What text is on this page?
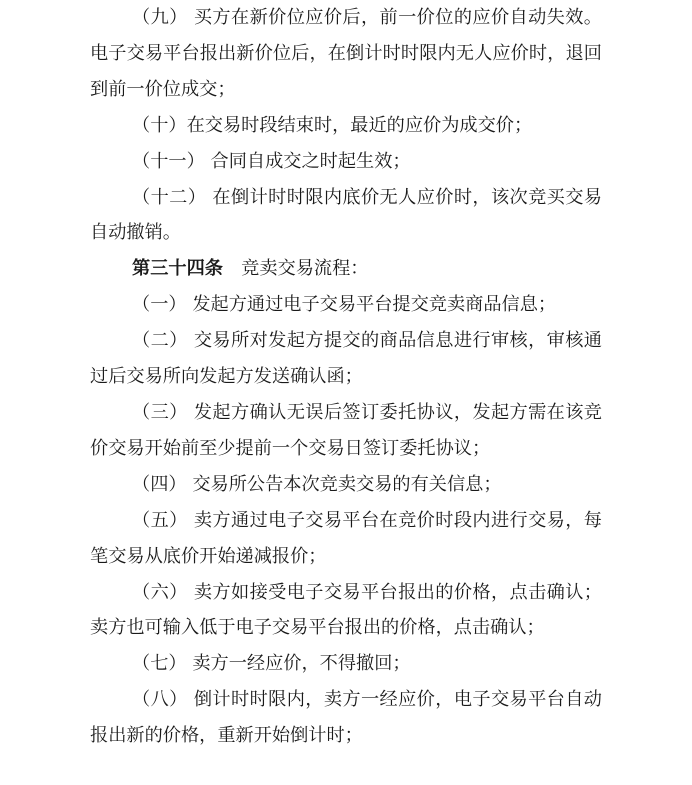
（九） 买方在新价位应价后，前一价位的应价自动失效。电子交易平台报出新价位后，在倒计时时限内无人应价时，退回到前一价位成交；

（十）在交易时段结束时，最近的应价为成交价；

（十一） 合同自成交之时起生效；

（十二） 在倒计时时限内底价无人应价时，该次竞买交易自动撤销。

第三十四条　竞卖交易流程：

（一） 发起方通过电子交易平台提交竞卖商品信息；

（二） 交易所对发起方提交的商品信息进行审核，审核通过后交易所向发起方发送确认函；

（三） 发起方确认无误后签订委托协议，发起方需在该竞价交易开始前至少提前一个交易日签订委托协议；

（四） 交易所公告本次竞卖交易的有关信息；

（五） 卖方通过电子交易平台在竞价时段内进行交易，每笔交易从底价开始递减报价；

（六） 卖方如接受电子交易平台报出的价格，点击确认；卖方也可输入低于电子交易平台报出的价格，点击确认；

（七） 卖方一经应价，不得撤回；

（八） 倒计时时限内，卖方一经应价，电子交易平台自动报出新的价格，重新开始倒计时；
